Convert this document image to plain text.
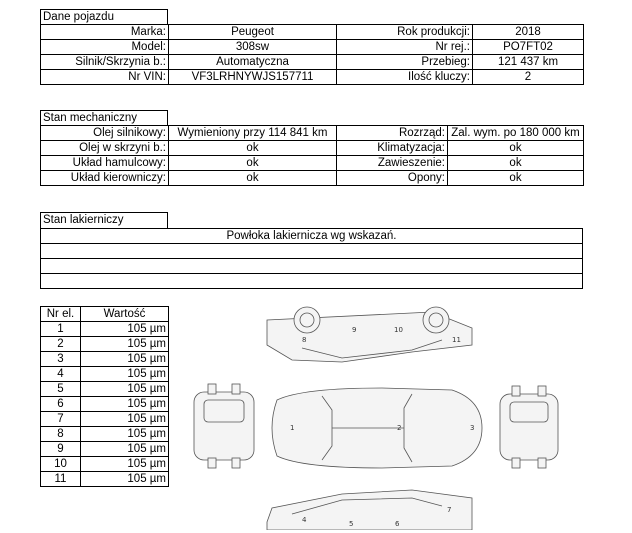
Dane pojazdu
Marka:	Peugeot	Rok produkcji:	2018
Model:	308sw	Nr rej.:	PO7FT02
Silnik/Skrzynia b.:	Automatyczna	Przebieg:	121 437 km
Nr VIN:	VF3LRHNYWJS157711	Ilość kluczy:	2
Stan mechaniczny
Olej silnikowy:	Wymieniony przy 114 841 km	Rozrząd:	Zal. wym. po 180 000 km
Olej w skrzyni b.:	ok	Klimatyzacja:	ok
Układ hamulcowy:	ok	Zawieszenie:	ok
Układ kierowniczy:	ok	Opony:	ok
Stan lakierniczy
Powłoka lakiernicza wg wskazań.

Nr el.	Wartość
1	105 µm
2	105 µm
3	105 µm
4	105 µm
5	105 µm
6	105 µm
7	105 µm
8	105 µm
9	105 µm
10	105 µm
11	105 µm
8
9	10
11
1	2	3
4	5	6
7
